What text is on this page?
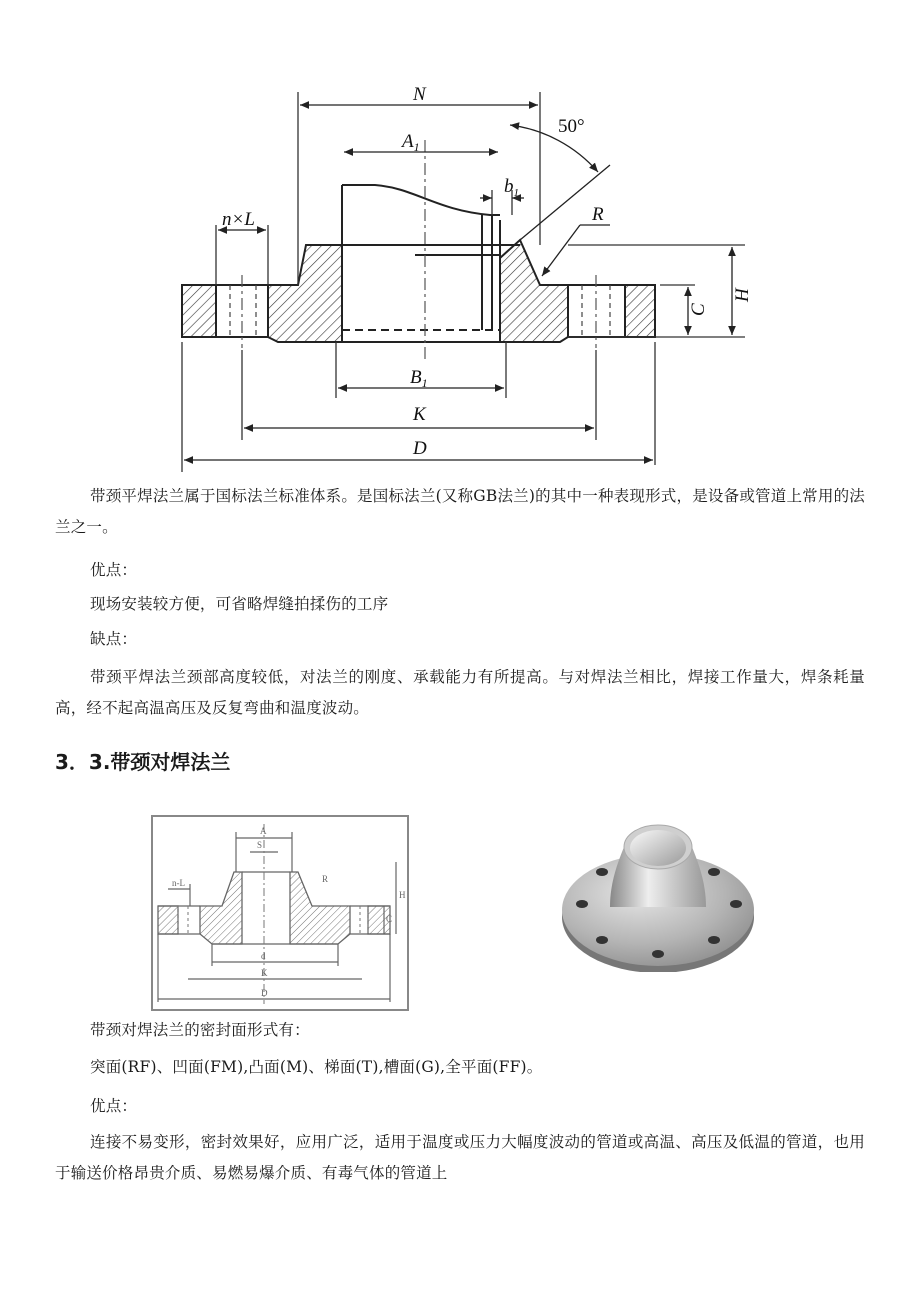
N
50°
$A_1$
$b_1$
n×L	R
H
C
$B_1$
K
D

带颈平焊法兰属于国标法兰标准体系。是国标法兰(又称GB法兰)的其中一种表现形式，是设备或管道上常用的法兰之一。

优点：

现场安装较方便，可省略焊缝拍揉伤的工序

缺点：

带颈平焊法兰颈部高度较低，对法兰的刚度、承载能力有所提高。与对焊法兰相比，焊接工作量大，焊条耗量高，经不起高温高压及反复弯曲和温度波动。

3．3.带颈对焊法兰
A
S
n-L	R
H
C
d
K
D

带颈对焊法兰的密封面形式有：

突面(RF)、凹面(FM),凸面(M)、梯面(T),槽面(G),全平面(FF)。

优点：

连接不易变形，密封效果好，应用广泛，适用于温度或压力大幅度波动的管道或高温、高压及低温的管道，也用于输送价格昂贵介质、易燃易爆介质、有毒气体的管道上
